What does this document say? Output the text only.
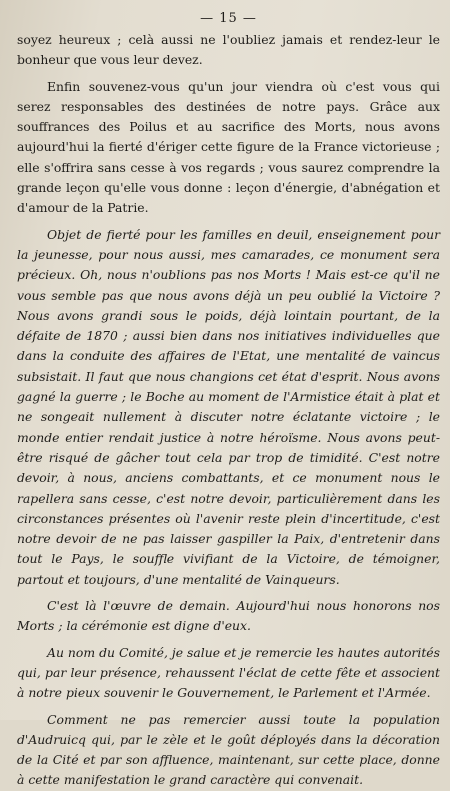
— 15 —

soyez heureux ; celà aussi ne l'oubliez jamais et rendez-leur le bonheur que vous leur devez.

Enfin souvenez-vous qu'un jour viendra où c'est vous qui serez responsables des destinées de notre pays. Grâce aux souffrances des Poilus et au sacrifice des Morts, nous avons aujourd'hui la fierté d'ériger cette figure de la France victorieuse ; elle s'offrira sans cesse à vos regards ; vous saurez comprendre la grande leçon qu'elle vous donne : leçon d'énergie, d'abnégation et d'amour de la Patrie.

Objet de fierté pour les familles en deuil, enseignement pour la jeunesse, pour nous aussi, mes camarades, ce monument sera précieux. Oh, nous n'oublions pas nos Morts ! Mais est-ce qu'il ne vous semble pas que nous avons déjà un peu oublié la Victoire ? Nous avons grandi sous le poids, déjà lointain pourtant, de la défaite de 1870 ; aussi bien dans nos initiatives individuelles que dans la conduite des affaires de l'Etat, une mentalité de vaincus subsistait. Il faut que nous changions cet état d'esprit. Nous avons gagné la guerre ; le Boche au moment de l'Armistice était à plat et ne songeait nullement à discuter notre éclatante victoire ; le monde entier rendait justice à notre héroïsme. Nous avons peut-être risqué de gâcher tout cela par trop de timidité. C'est notre devoir, à nous, anciens combattants, et ce monument nous le rapellera sans cesse, c'est notre devoir, particulièrement dans les circonstances présentes où l'avenir reste plein d'incertitude, c'est notre devoir de ne pas laisser gaspiller la Paix, d'entretenir dans tout le Pays, le souffle vivifiant de la Victoire, de témoigner, partout et toujours, d'une mentalité de Vainqueurs.

C'est là l'œuvre de demain. Aujourd'hui nous honorons nos Morts ; la cérémonie est digne d'eux.

Au nom du Comité, je salue et je remercie les hautes autorités qui, par leur présence, rehaussent l'éclat de cette fête et associent à notre pieux souvenir le Gouvernement, le Parlement et l'Armée.

Comment ne pas remercier aussi toute la population d'Audruicq qui, par le zèle et le goût déployés dans la décoration de la Cité et par son affluence, maintenant, sur cette place, donne à cette manifestation le grand caractère qui convenait.
